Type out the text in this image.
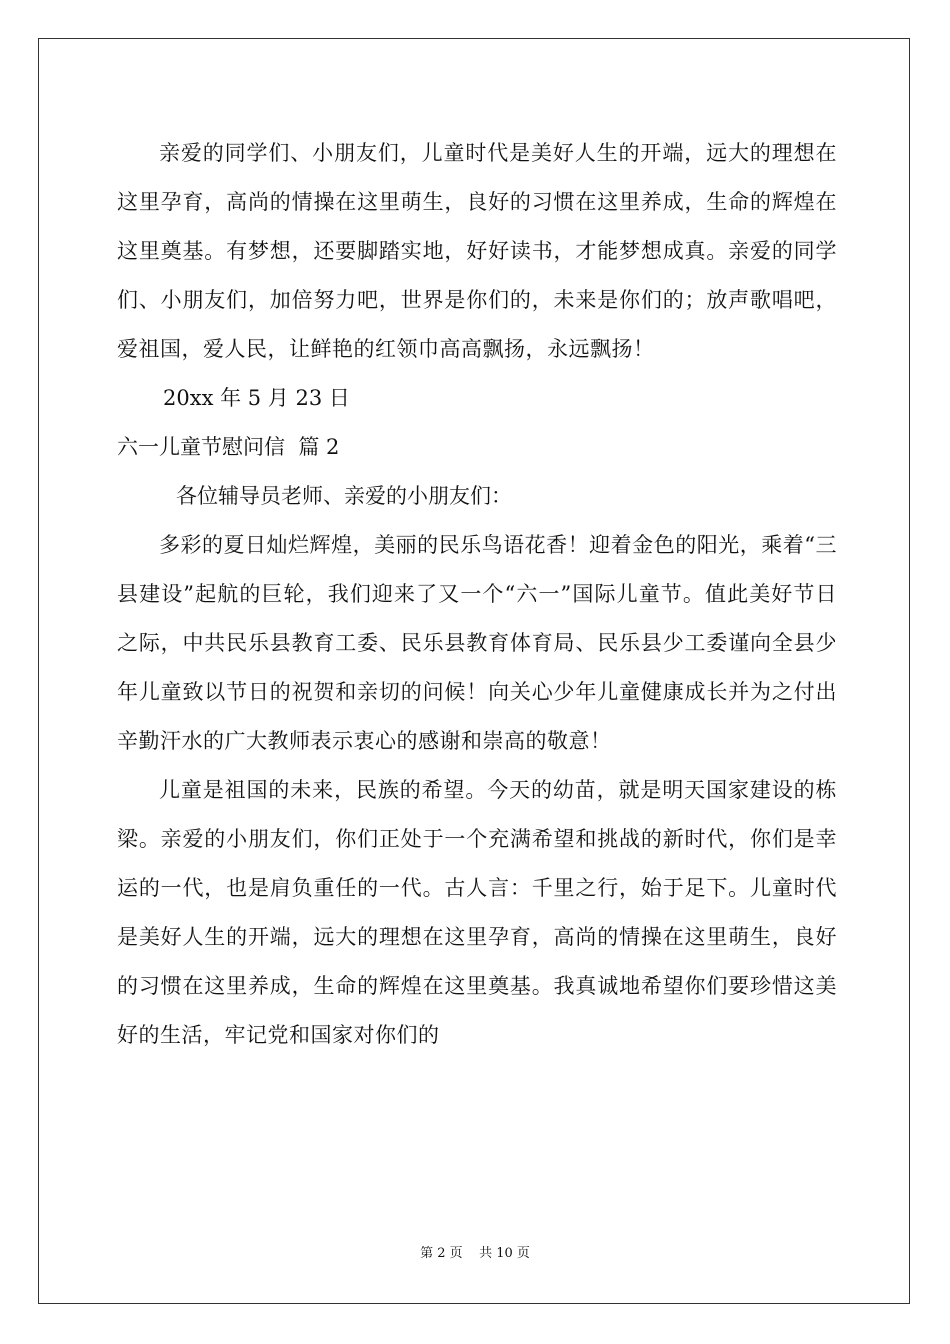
亲爱的同学们、小朋友们，儿童时代是美好人生的开端，远大的理想在这里孕育，高尚的情操在这里萌生，良好的习惯在这里养成，生命的辉煌在这里奠基。有梦想，还要脚踏实地，好好读书，才能梦想成真。亲爱的同学们、小朋友们，加倍努力吧，世界是你们的，未来是你们的；放声歌唱吧，爱祖国，爱人民，让鲜艳的红领巾高高飘扬，永远飘扬！

20xx 年 5 月 23 日

六一儿童节慰问信  篇 2

各位辅导员老师、亲爱的小朋友们：

多彩的夏日灿烂辉煌，美丽的民乐鸟语花香！迎着金色的阳光，乘着“三县建设”起航的巨轮，我们迎来了又一个“六一”国际儿童节。值此美好节日之际，中共民乐县教育工委、民乐县教育体育局、民乐县少工委谨向全县少年儿童致以节日的祝贺和亲切的问候！向关心少年儿童健康成长并为之付出辛勤汗水的广大教师表示衷心的感谢和崇高的敬意！

儿童是祖国的未来，民族的希望。今天的幼苗，就是明天国家建设的栋梁。亲爱的小朋友们，你们正处于一个充满希望和挑战的新时代，你们是幸运的一代，也是肩负重任的一代。古人言：千里之行，始于足下。儿童时代是美好人生的开端，远大的理想在这里孕育，高尚的情操在这里萌生，良好的习惯在这里养成，生命的辉煌在这里奠基。我真诚地希望你们要珍惜这美好的生活，牢记党和国家对你们的

第 2 页    共 10 页
